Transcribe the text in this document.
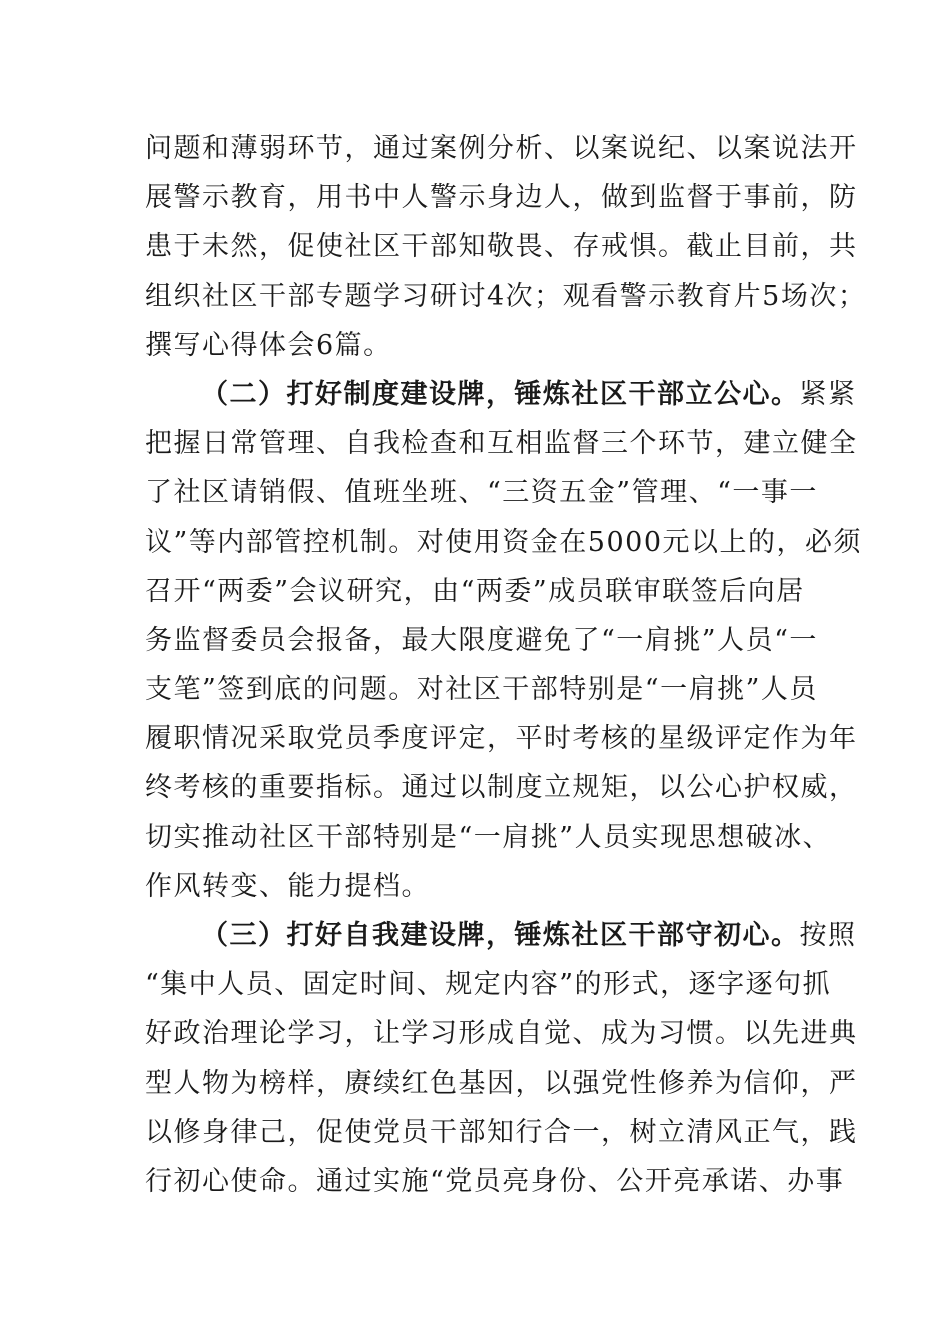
问题和薄弱环节，通过案例分析、以案说纪、以案说法开
展警示教育，用书中人警示身边人，做到监督于事前，防
患于未然，促使社区干部知敬畏、存戒惧。截止目前，共
组织社区干部专题学习研讨4次；观看警示教育片5场次；
撰写心得体会6篇。
（二）打好制度建设牌，锤炼社区干部立公心。紧紧
把握日常管理、自我检查和互相监督三个环节，建立健全
了社区请销假、值班坐班、“三资五金”管理、“一事一
议”等内部管控机制。对使用资金在5000元以上的，必须
召开“两委”会议研究，由“两委”成员联审联签后向居
务监督委员会报备，最大限度避免了“一肩挑”人员“一
支笔”签到底的问题。对社区干部特别是“一肩挑”人员
履职情况采取党员季度评定，平时考核的星级评定作为年
终考核的重要指标。通过以制度立规矩，以公心护权威，
切实推动社区干部特别是“一肩挑”人员实现思想破冰、
作风转变、能力提档。
（三）打好自我建设牌，锤炼社区干部守初心。按照
“集中人员、固定时间、规定内容”的形式，逐字逐句抓
好政治理论学习，让学习形成自觉、成为习惯。以先进典
型人物为榜样，赓续红色基因，以强党性修养为信仰，严
以修身律己，促使党员干部知行合一，树立清风正气，践
行初心使命。通过实施“党员亮身份、公开亮承诺、办事
